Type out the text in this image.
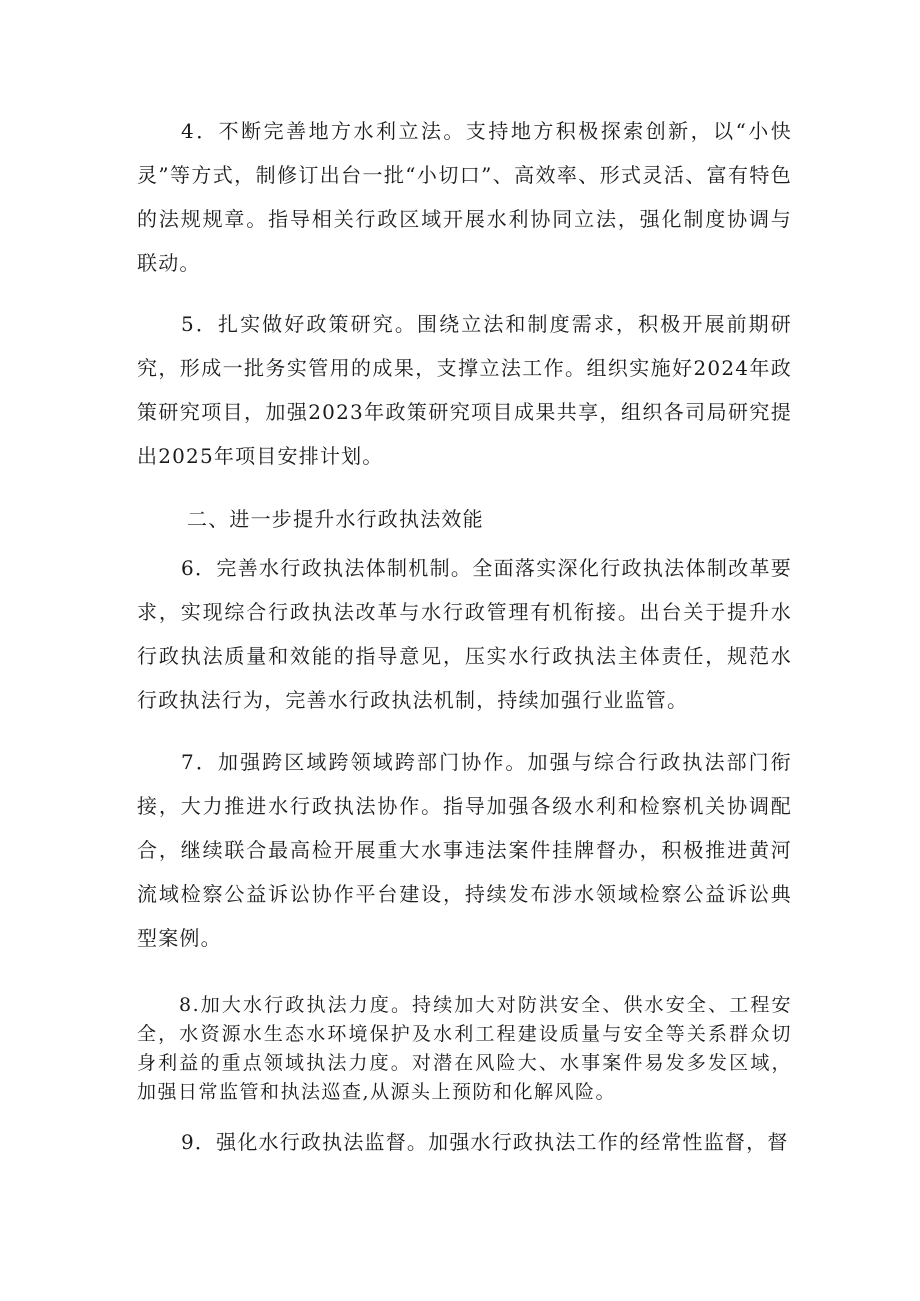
4．不断完善地方水利立法。支持地方积极探索创新，以“小快灵”等方式，制修订出台一批“小切口”、高效率、形式灵活、富有特色的法规规章。指导相关行政区域开展水利协同立法，强化制度协调与联动。

5．扎实做好政策研究。围绕立法和制度需求，积极开展前期研究，形成一批务实管用的成果，支撑立法工作。组织实施好2024年政策研究项目，加强2023年政策研究项目成果共享，组织各司局研究提出2025年项目安排计划。

二、进一步提升水行政执法效能

6．完善水行政执法体制机制。全面落实深化行政执法体制改革要求，实现综合行政执法改革与水行政管理有机衔接。出台关于提升水行政执法质量和效能的指导意见，压实水行政执法主体责任，规范水行政执法行为，完善水行政执法机制，持续加强行业监管。

7．加强跨区域跨领域跨部门协作。加强与综合行政执法部门衔接，大力推进水行政执法协作。指导加强各级水利和检察机关协调配合，继续联合最高检开展重大水事违法案件挂牌督办，积极推进黄河流域检察公益诉讼协作平台建设，持续发布涉水领域检察公益诉讼典型案例。

8.加大水行政执法力度。持续加大对防洪安全、供水安全、工程安全，水资源水生态水环境保护及水利工程建设质量与安全等关系群众切身利益的重点领域执法力度。对潜在风险大、水事案件易发多发区域，加强日常监管和执法巡查,从源头上预防和化解风险。

9．强化水行政执法监督。加强水行政执法工作的经常性监督，督
